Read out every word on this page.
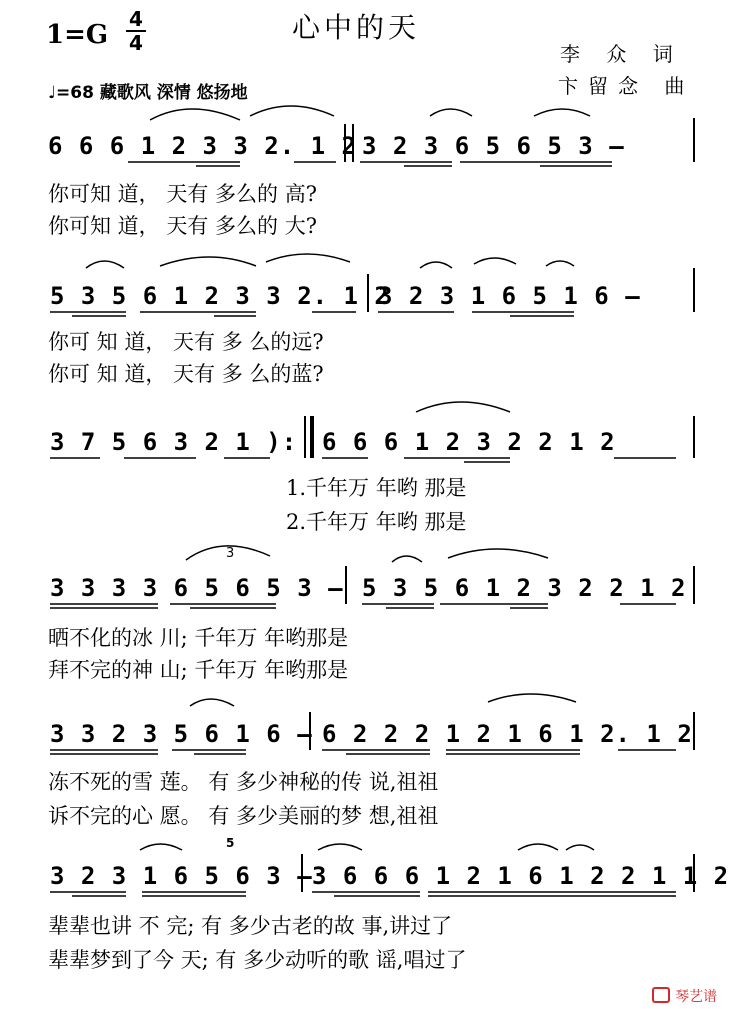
1=G
4
4	心中的天
李 众 词
卞留念 曲
♩=68 藏歌风 深情 悠扬地
6 6 6 1 2 3 3 2. 1 2 3 2 3 6 5 6 5 3 –
你可知 道， 天有 多么的 高?
你可知 道， 天有 多么的 大?
5 3 5 6 1 2 3 3 2. 1 2
3 2 3 1 6 5 1 6 –
你可 知 道， 天有 多 么的远?
你可 知 道， 天有 多 么的蓝?
3 7 5 6 3 2 1 ): 6 6 6 1 2 3 2 2 1 2
1.千年万 年哟 那是
2.千年万 年哟 那是
3 3 3 3 6 5 6 5 3 – 5 3 5 6 1 2 3 2 2 1 2
3
晒不化的冰 川; 千年万 年哟那是
拜不完的神 山; 千年万 年哟那是
3 3 2 3 5 6 1 6 – 6 2 2 2 1 2 1 6 1 2. 1 2
冻不死的雪 莲。 有 多少神秘的传 说,祖祖
诉不完的心 愿。 有 多少美丽的梦 想,祖祖
3 2 3 1 6 5 6 3 – 3 6 6 6 1 2 1 6 1 2 2 1 1 2
5
辈辈也讲 不 完; 有 多少古老的故 事,讲过了
辈辈梦到了今 天; 有 多少动听的歌 谣,唱过了
琴艺谱
